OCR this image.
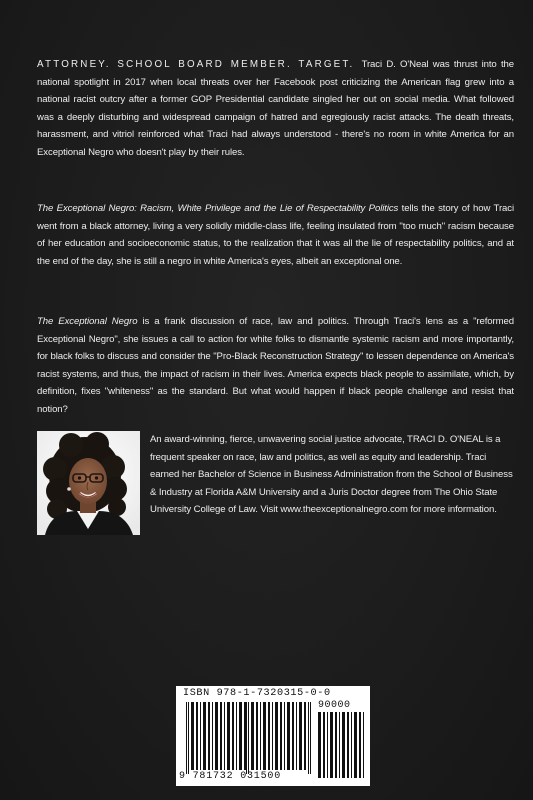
ATTORNEY. SCHOOL BOARD MEMBER. TARGET. Traci D. O'Neal was thrust into the national spotlight in 2017 when local threats over her Facebook post criticizing the American flag grew into a national racist outcry after a former GOP Presidential candidate singled her out on social media. What followed was a deeply disturbing and widespread campaign of hatred and egregiously racist attacks. The death threats, harassment, and vitriol reinforced what Traci had always understood - there's no room in white America for an Exceptional Negro who doesn't play by their rules.

The Exceptional Negro: Racism, White Privilege and the Lie of Respectability Politics tells the story of how Traci went from a black attorney, living a very solidly middle-class life, feeling insulated from "too much" racism because of her education and socioeconomic status, to the realization that it was all the lie of respectability politics, and at the end of the day, she is still a negro in white America's eyes, albeit an exceptional one.

The Exceptional Negro is a frank discussion of race, law and politics. Through Traci's lens as a "reformed Exceptional Negro", she issues a call to action for white folks to dismantle systemic racism and more importantly, for black folks to discuss and consider the "Pro-Black Reconstruction Strategy" to lessen dependence on America's racist systems, and thus, the impact of racism in their lives. America expects black people to assimilate, which, by definition, fixes "whiteness" as the standard. But what would happen if black people challenge and resist that notion?

An award-winning, fierce, unwavering social justice advocate, TRACI D. O'NEAL is a frequent speaker on race, law and politics, as well as equity and leadership. Traci earned her Bachelor of Science in Business Administration from the School of Business & Industry at Florida A&M University and a Juris Doctor degree from The Ohio State University College of Law. Visit www.theexceptionalnegro.com for more information.

ISBN 978-1-7320315-0-0
90000
9 781732 031500
